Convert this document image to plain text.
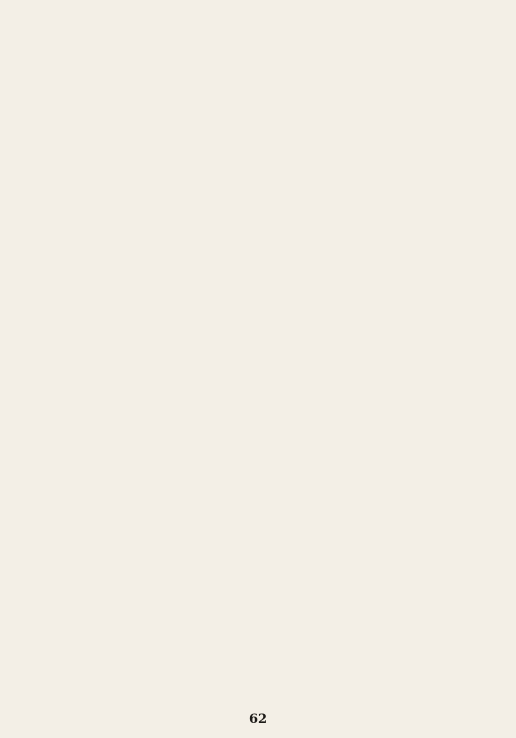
62
